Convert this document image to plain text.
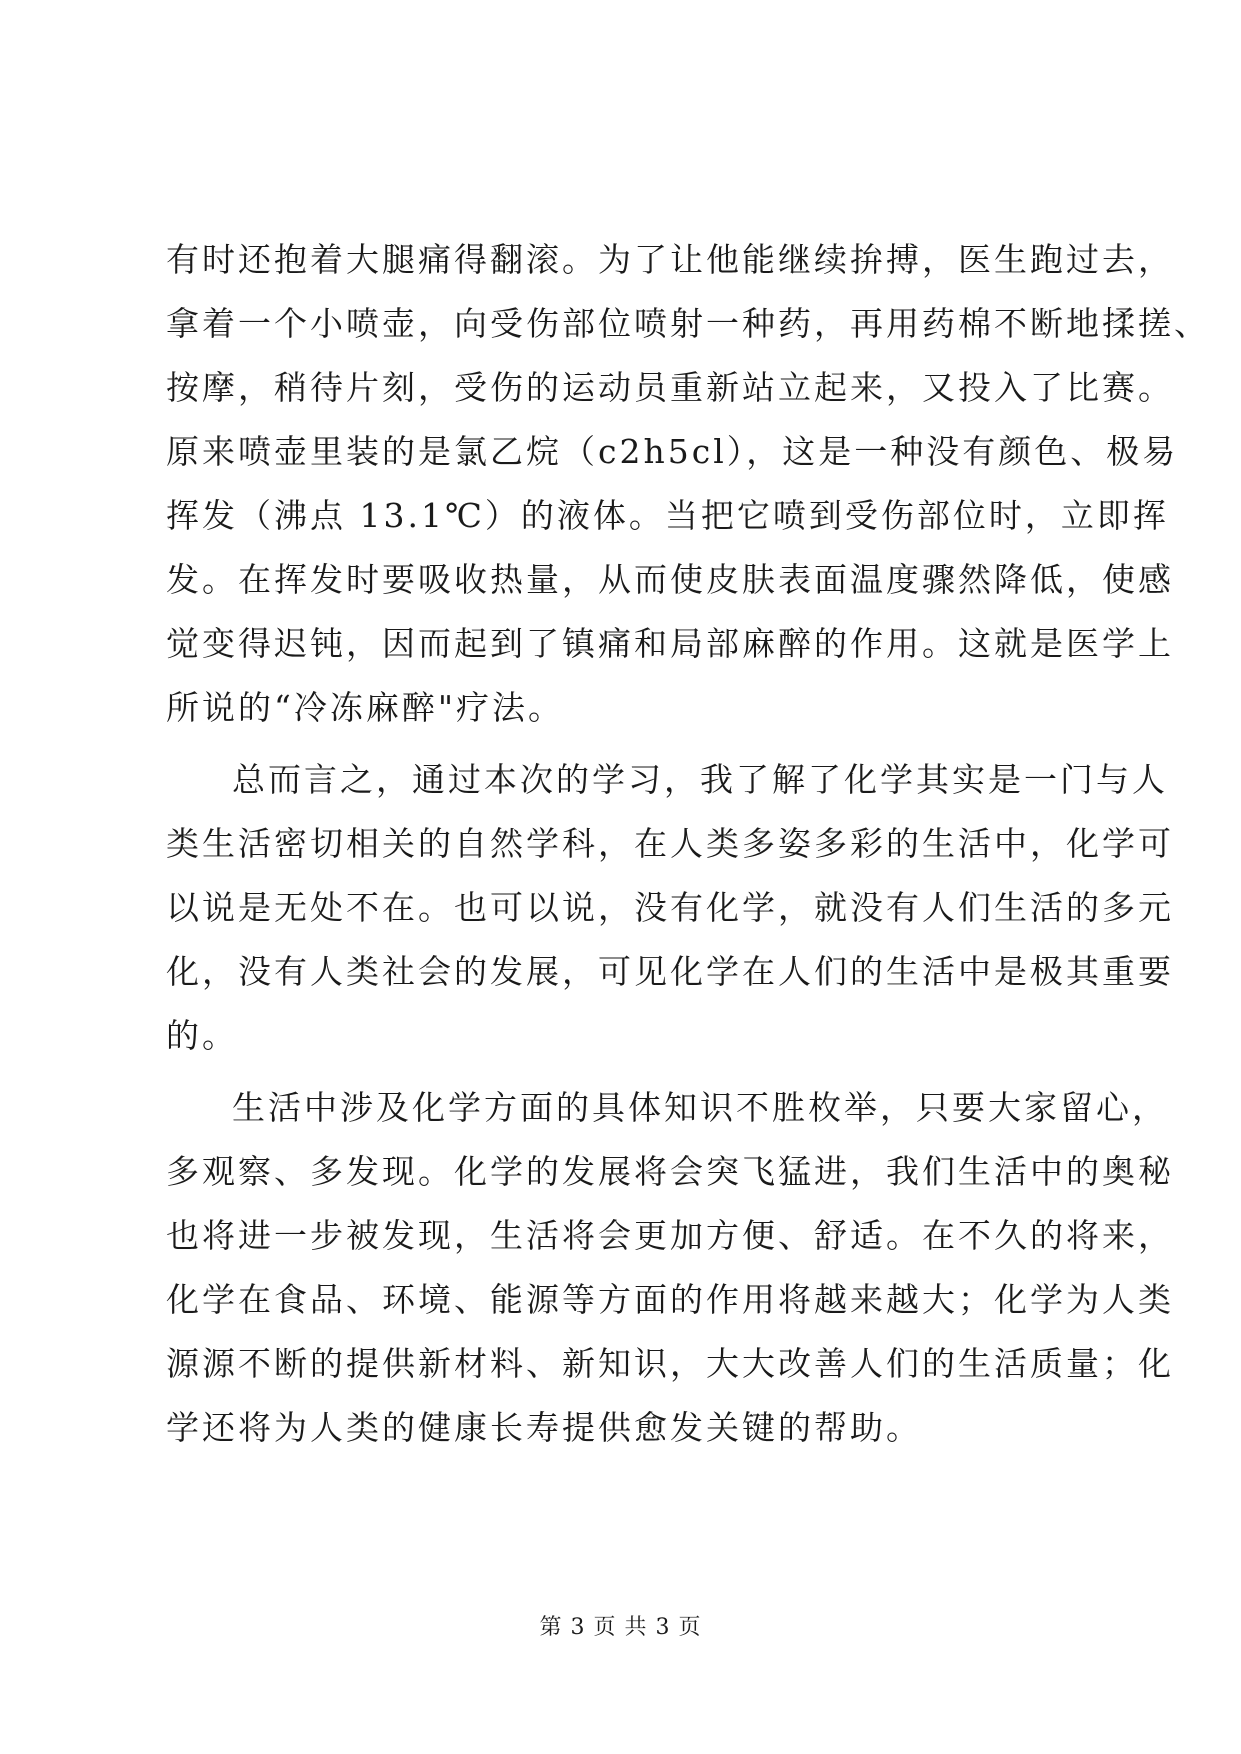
有时还抱着大腿痛得翻滚。为了让他能继续拚搏，医生跑过去，
拿着一个小喷壶，向受伤部位喷射一种药，再用药棉不断地揉搓、
按摩，稍待片刻，受伤的运动员重新站立起来，又投入了比赛。
原来喷壶里装的是氯乙烷（c2h5cl），这是一种没有颜色、极易
挥发（沸点 13.1℃）的液体。当把它喷到受伤部位时，立即挥
发。在挥发时要吸收热量，从而使皮肤表面温度骤然降低，使感
觉变得迟钝，因而起到了镇痛和局部麻醉的作用。这就是医学上
所说的“冷冻麻醉"疗法。
总而言之，通过本次的学习，我了解了化学其实是一门与人
类生活密切相关的自然学科，在人类多姿多彩的生活中，化学可
以说是无处不在。也可以说，没有化学，就没有人们生活的多元
化，没有人类社会的发展，可见化学在人们的生活中是极其重要
的。
生活中涉及化学方面的具体知识不胜枚举，只要大家留心，
多观察、多发现。化学的发展将会突飞猛进，我们生活中的奥秘
也将进一步被发现，生活将会更加方便、舒适。在不久的将来，
化学在食品、环境、能源等方面的作用将越来越大；化学为人类
源源不断的提供新材料、新知识，大大改善人们的生活质量；化
学还将为人类的健康长寿提供愈发关键的帮助。
第 3 页 共 3 页
